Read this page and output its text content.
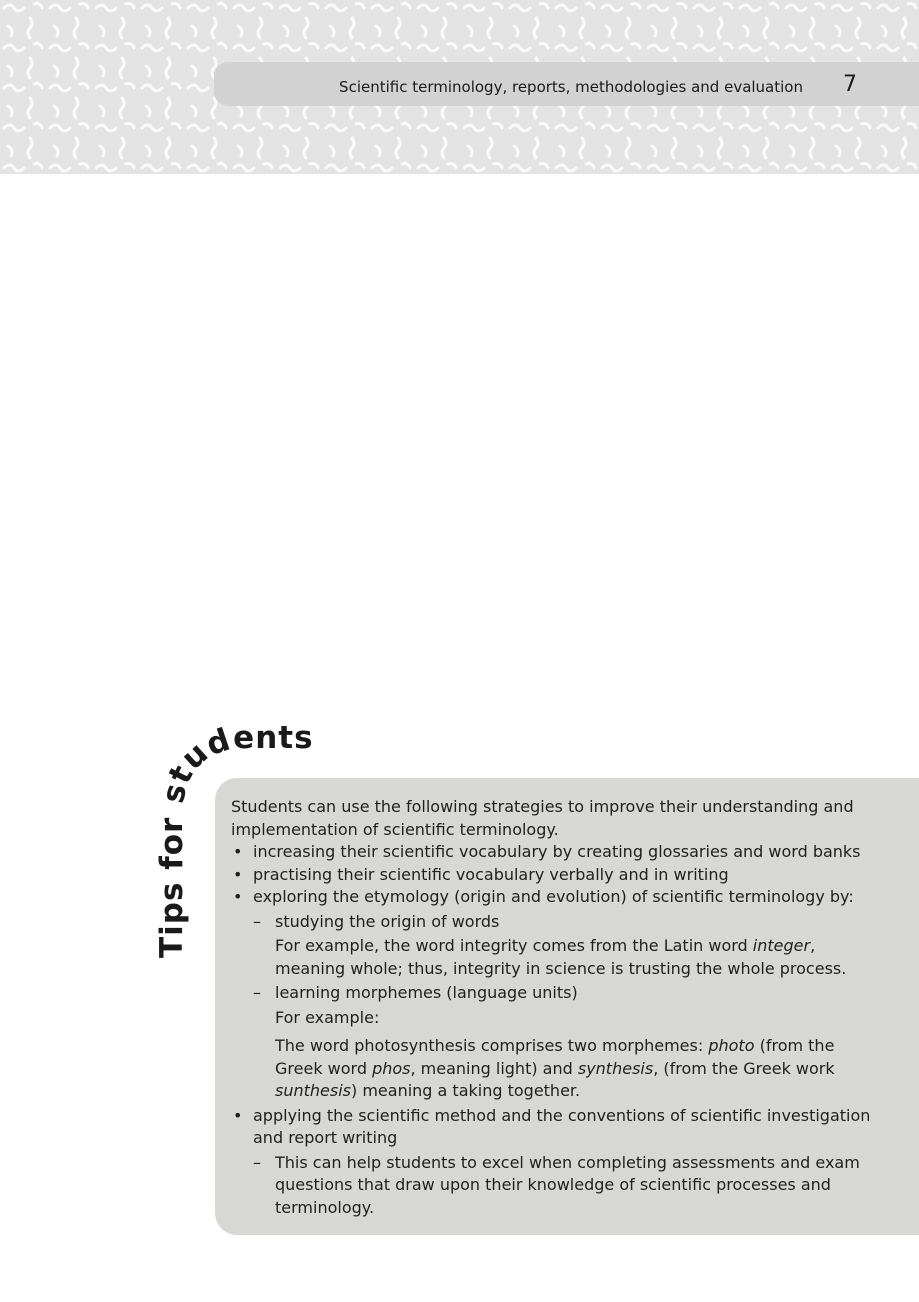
Scientific terminology, reports, methodologies and evaluation 7
Tips for students

Students can use the following strategies to improve their understanding and implementation of scientific terminology.

• increasing their scientific vocabulary by creating glossaries and word banks
• practising their scientific vocabulary verbally and in writing
• exploring the etymology (origin and evolution) of scientific terminology by:
– studying the origin of words

For example, the word integrity comes from the Latin word integer, meaning whole; thus, integrity in science is trusting the whole process.

– learning morphemes (language units)

For example:

The word photosynthesis comprises two morphemes: photo (from the Greek word phos, meaning light) and synthesis, (from the Greek work sunthesis) meaning a taking together.

• applying the scientific method and the conventions of scientific investigation and report writing
– This can help students to excel when completing assessments and exam questions that draw upon their knowledge of scientific processes and terminology.
